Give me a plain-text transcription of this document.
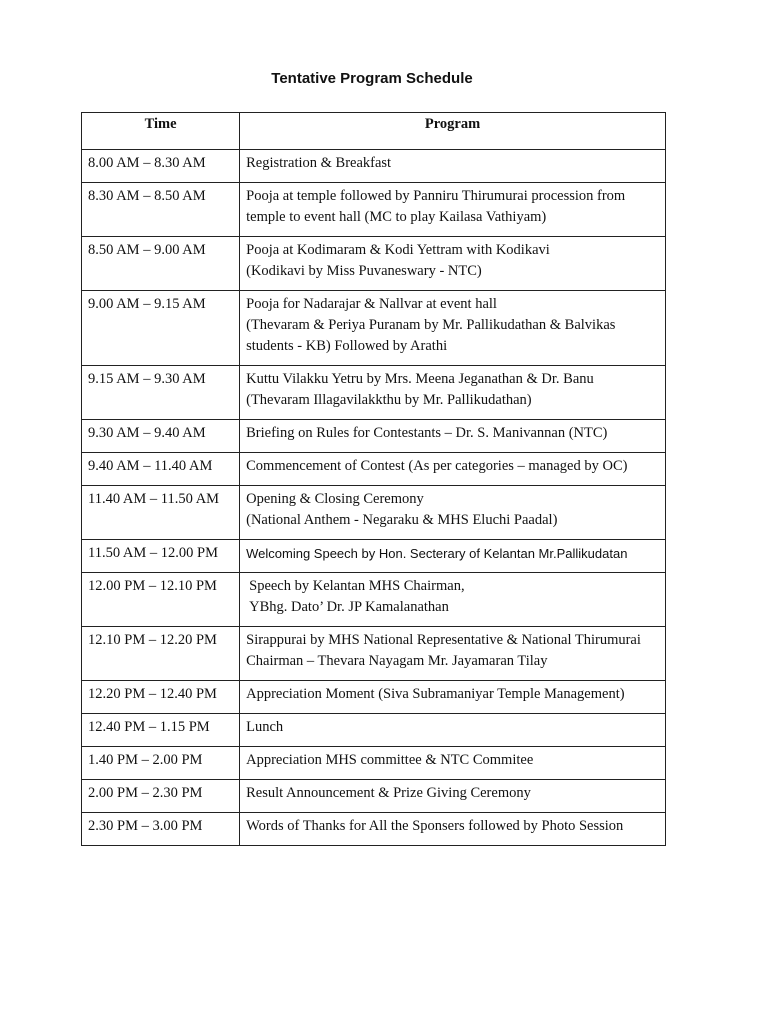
Tentative Program Schedule
Time	Program
8.00 AM – 8.30 AM	Registration & Breakfast

8.30 AM – 8.50 AM	Pooja at temple followed by Panniru Thirumurai procession from
temple to event hall (MC to play Kailasa Vathiyam)

8.50 AM – 9.00 AM	Pooja at Kodimaram & Kodi Yettram with Kodikavi
(Kodikavi by Miss Puvaneswary - NTC)

9.00 AM – 9.15 AM	Pooja for Nadarajar & Nallvar at event hall
(Thevaram & Periya Puranam by Mr. Pallikudathan & Balvikas
students - KB) Followed by Arathi

9.15 AM – 9.30 AM	Kuttu Vilakku Yetru by Mrs. Meena Jeganathan & Dr. Banu
(Thevaram Illagavilakkthu by Mr. Pallikudathan)

9.30 AM – 9.40 AM	Briefing on Rules for Contestants – Dr. S. Manivannan (NTC)

9.40 AM – 11.40 AM	Commencement of Contest (As per categories – managed by OC)

11.40 AM – 11.50 AM	Opening & Closing Ceremony
(National Anthem - Negaraku & MHS Eluchi Paadal)

11.50 AM – 12.00 PM	Welcoming Speech by Hon. Secterary of Kelantan Mr.Pallikudatan

12.00 PM – 12.10 PM	Speech by Kelantan MHS Chairman,
YBhg. Dato’ Dr. JP Kamalanathan

12.10 PM – 12.20 PM	Sirappurai by MHS National Representative & National Thirumurai
Chairman – Thevara Nayagam Mr. Jayamaran Tilay

12.20 PM – 12.40 PM	Appreciation Moment (Siva Subramaniyar Temple Management)

12.40 PM – 1.15 PM	Lunch

1.40 PM – 2.00 PM	Appreciation MHS committee & NTC Commitee

2.00 PM – 2.30 PM	Result Announcement & Prize Giving Ceremony

2.30 PM – 3.00 PM	Words of Thanks for All the Sponsers followed by Photo Session
